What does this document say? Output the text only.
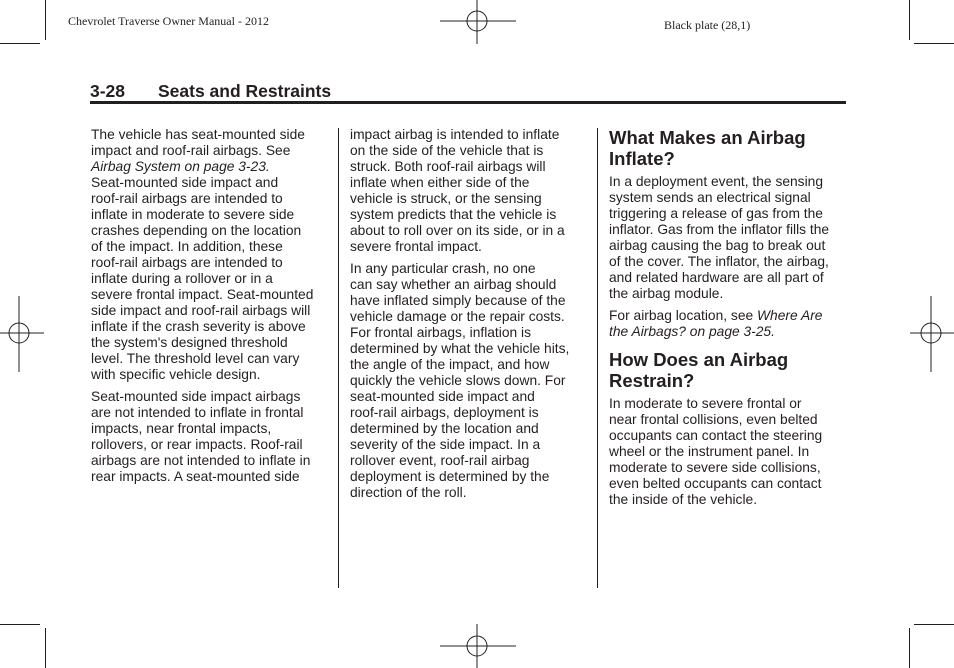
Chevrolet Traverse Owner Manual - 2012	Black plate (28,1)
3-28 Seats and Restraints
The vehicle has seat-mounted side
impact and roof-rail airbags. See
Airbag System on page 3-23.
Seat-mounted side impact and
roof-rail airbags are intended to
inflate in moderate to severe side
crashes depending on the location
of the impact. In addition, these
roof-rail airbags are intended to
inflate during a rollover or in a
severe frontal impact. Seat-mounted
side impact and roof-rail airbags will
inflate if the crash severity is above
the system's designed threshold
level. The threshold level can vary
with specific vehicle design.
Seat-mounted side impact airbags
are not intended to inflate in frontal
impacts, near frontal impacts,
rollovers, or rear impacts. Roof-rail
airbags are not intended to inflate in
rear impacts. A seat-mounted side
impact airbag is intended to inflate
on the side of the vehicle that is
struck. Both roof-rail airbags will
inflate when either side of the
vehicle is struck, or the sensing
system predicts that the vehicle is
about to roll over on its side, or in a
severe frontal impact.
In any particular crash, no one
can say whether an airbag should
have inflated simply because of the
vehicle damage or the repair costs.
For frontal airbags, inflation is
determined by what the vehicle hits,
the angle of the impact, and how
quickly the vehicle slows down. For
seat-mounted side impact and
roof-rail airbags, deployment is
determined by the location and
severity of the side impact. In a
rollover event, roof-rail airbag
deployment is determined by the
direction of the roll.
What Makes an Airbag
Inflate?
In a deployment event, the sensing
system sends an electrical signal
triggering a release of gas from the
inflator. Gas from the inflator fills the
airbag causing the bag to break out
of the cover. The inflator, the airbag,
and related hardware are all part of
the airbag module.
For airbag location, see Where Are
the Airbags? on page 3-25.
How Does an Airbag
Restrain?
In moderate to severe frontal or
near frontal collisions, even belted
occupants can contact the steering
wheel or the instrument panel. In
moderate to severe side collisions,
even belted occupants can contact
the inside of the vehicle.
